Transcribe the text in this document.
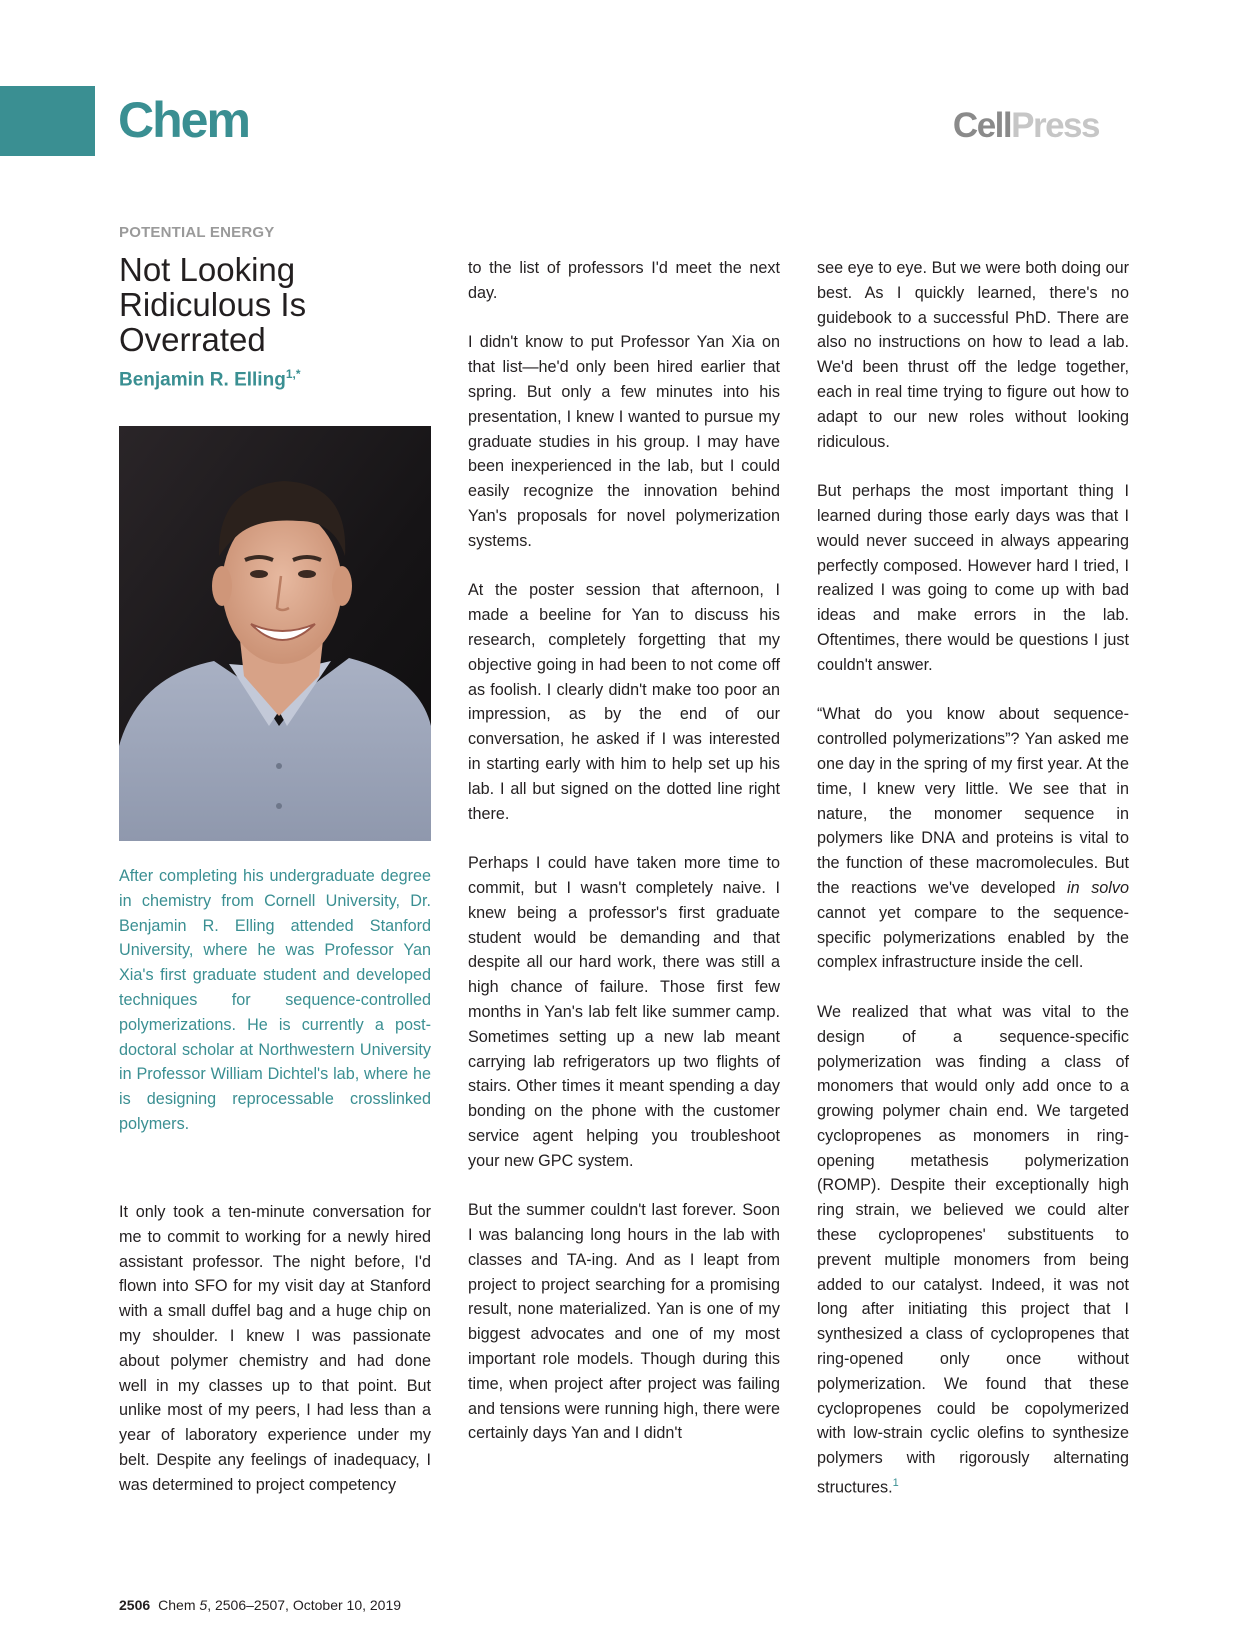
Chem	CellPress
POTENTIAL ENERGY
Not Looking Ridiculous Is Overrated
Benjamin R. Elling$^{1,*}$

After completing his undergraduate degree in chemistry from Cornell University, Dr. Benjamin R. Elling attended Stanford University, where he was Professor Yan Xia's first graduate student and developed techniques for sequence-controlled polymerizations. He is currently a post-doctoral scholar at Northwestern University in Professor William Dichtel's lab, where he is designing reprocessable crosslinked polymers.

It only took a ten-minute conversation for me to commit to working for a newly hired assistant professor. The night before, I'd flown into SFO for my visit day at Stanford with a small duffel bag and a huge chip on my shoulder. I knew I was passionate about polymer chemistry and had done well in my classes up to that point. But unlike most of my peers, I had less than a year of laboratory experience under my belt. Despite any feelings of inadequacy, I was determined to project competency

to the list of professors I'd meet the next day.

I didn't know to put Professor Yan Xia on that list—he'd only been hired earlier that spring. But only a few minutes into his presentation, I knew I wanted to pursue my graduate studies in his group. I may have been inexperienced in the lab, but I could easily recognize the innovation behind Yan's proposals for novel polymerization systems.

At the poster session that afternoon, I made a beeline for Yan to discuss his research, completely forgetting that my objective going in had been to not come off as foolish. I clearly didn't make too poor an impression, as by the end of our conversation, he asked if I was interested in starting early with him to help set up his lab. I all but signed on the dotted line right there.

Perhaps I could have taken more time to commit, but I wasn't completely naive. I knew being a professor's first graduate student would be demanding and that despite all our hard work, there was still a high chance of failure. Those first few months in Yan's lab felt like summer camp. Sometimes setting up a new lab meant carrying lab refrigerators up two flights of stairs. Other times it meant spending a day bonding on the phone with the customer service agent helping you troubleshoot your new GPC system.

But the summer couldn't last forever. Soon I was balancing long hours in the lab with classes and TA-ing. And as I leapt from project to project searching for a promising result, none materialized. Yan is one of my biggest advocates and one of my most important role models. Though during this time, when project after project was failing and tensions were running high, there were certainly days Yan and I didn't

see eye to eye. But we were both doing our best. As I quickly learned, there's no guidebook to a successful PhD. There are also no instructions on how to lead a lab. We'd been thrust off the ledge together, each in real time trying to figure out how to adapt to our new roles without looking ridiculous.

But perhaps the most important thing I learned during those early days was that I would never succeed in always appearing perfectly composed. However hard I tried, I realized I was going to come up with bad ideas and make errors in the lab. Oftentimes, there would be questions I just couldn't answer.

“What do you know about sequence-controlled polymerizations”? Yan asked me one day in the spring of my first year. At the time, I knew very little. We see that in nature, the monomer sequence in polymers like DNA and proteins is vital to the function of these macromolecules. But the reactions we've developed in solvo cannot yet compare to the sequence-specific polymerizations enabled by the complex infrastructure inside the cell.

We realized that what was vital to the design of a sequence-specific polymerization was finding a class of monomers that would only add once to a growing polymer chain end. We targeted cyclopropenes as monomers in ring-opening metathesis polymerization (ROMP). Despite their exceptionally high ring strain, we believed we could alter these cyclopropenes' substituents to prevent multiple monomers from being added to our catalyst. Indeed, it was not long after initiating this project that I synthesized a class of cyclopropenes that ring-opened only once without polymerization. We found that these cyclopropenes could be copolymerized with low-strain cyclic olefins to synthesize polymers with rigorously alternating structures.$^1$

2506 Chem 5, 2506–2507, October 10, 2019
